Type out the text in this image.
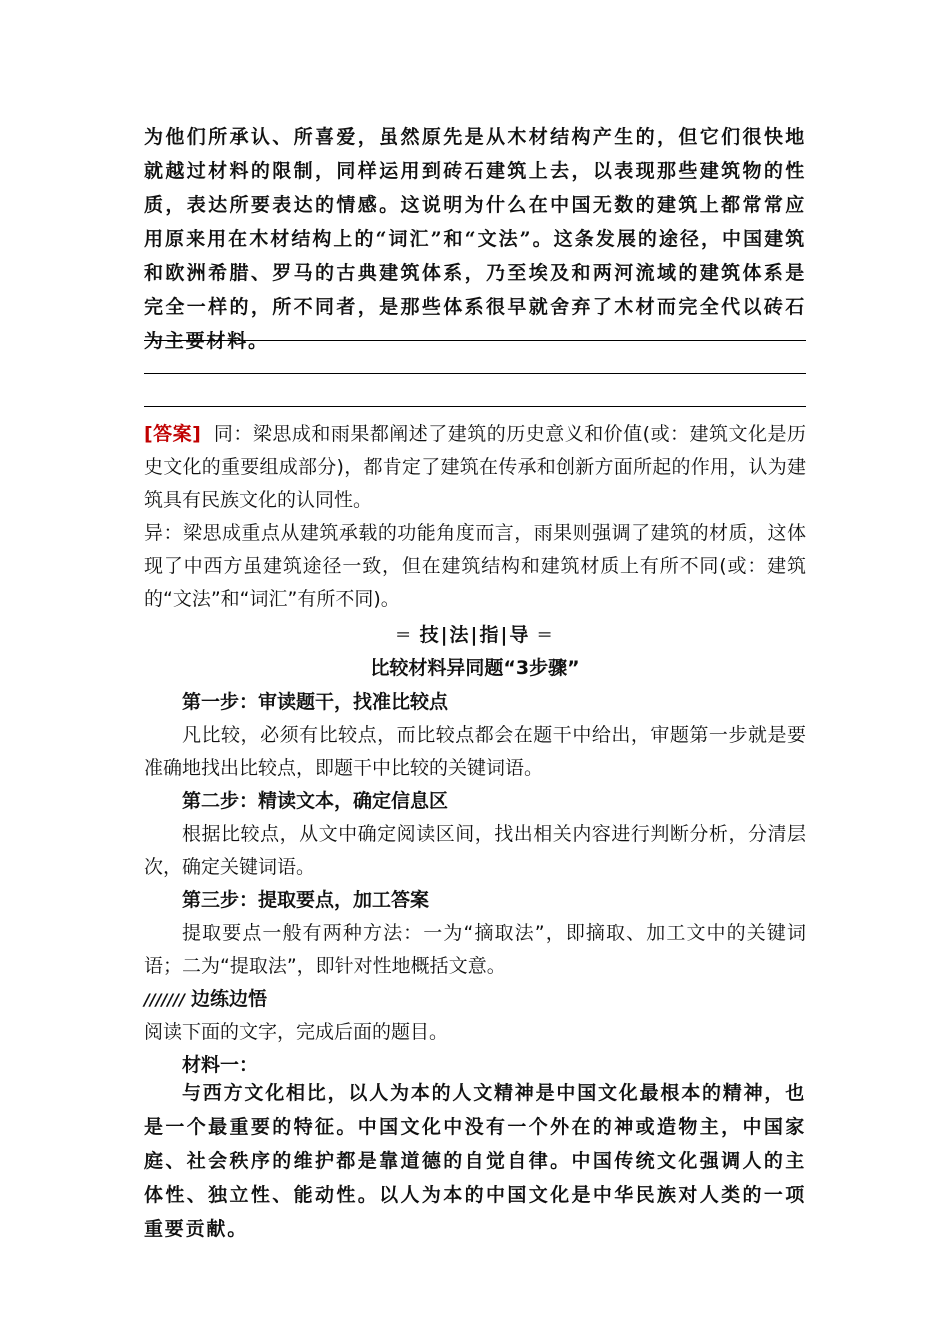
为他们所承认、所喜爱，虽然原先是从木材结构产生的，但它们很快地就越过材料的限制，同样运用到砖石建筑上去，以表现那些建筑物的性质，表达所要表达的情感。这说明为什么在中国无数的建筑上都常常应用原来用在木材结构上的“词汇”和“文法”。这条发展的途径，中国建筑和欧洲希腊、罗马的古典建筑体系，乃至埃及和两河流域的建筑体系是完全一样的，所不同者，是那些体系很早就舍弃了木材而完全代以砖石为主要材料。
[答案] 同：梁思成和雨果都阐述了建筑的历史意义和价值(或：建筑文化是历史文化的重要组成部分)，都肯定了建筑在传承和创新方面所起的作用，认为建筑具有民族文化的认同性。
异：梁思成重点从建筑承载的功能角度而言，雨果则强调了建筑的材质，这体现了中西方虽建筑途径一致，但在建筑结构和建筑材质上有所不同(或：建筑的“文法”和“词汇”有所不同)。
═ 技|法|指|导 ═
比较材料异同题“3步骤”
第一步：审读题干，找准比较点
凡比较，必须有比较点，而比较点都会在题干中给出，审题第一步就是要准确地找出比较点，即题干中比较的关键词语。
第二步：精读文本，确定信息区
根据比较点，从文中确定阅读区间，找出相关内容进行判断分析，分清层次，确定关键词语。
第三步：提取要点，加工答案
提取要点一般有两种方法：一为“摘取法”，即摘取、加工文中的关键词语；二为“提取法”，即针对性地概括文意。
/////// 边练边悟
阅读下面的文字，完成后面的题目。
材料一：
与西方文化相比，以人为本的人文精神是中国文化最根本的精神，也是一个最重要的特征。中国文化中没有一个外在的神或造物主，中国家庭、社会秩序的维护都是靠道德的自觉自律。中国传统文化强调人的主体性、独立性、能动性。以人为本的中国文化是中华民族对人类的一项重要贡献。
